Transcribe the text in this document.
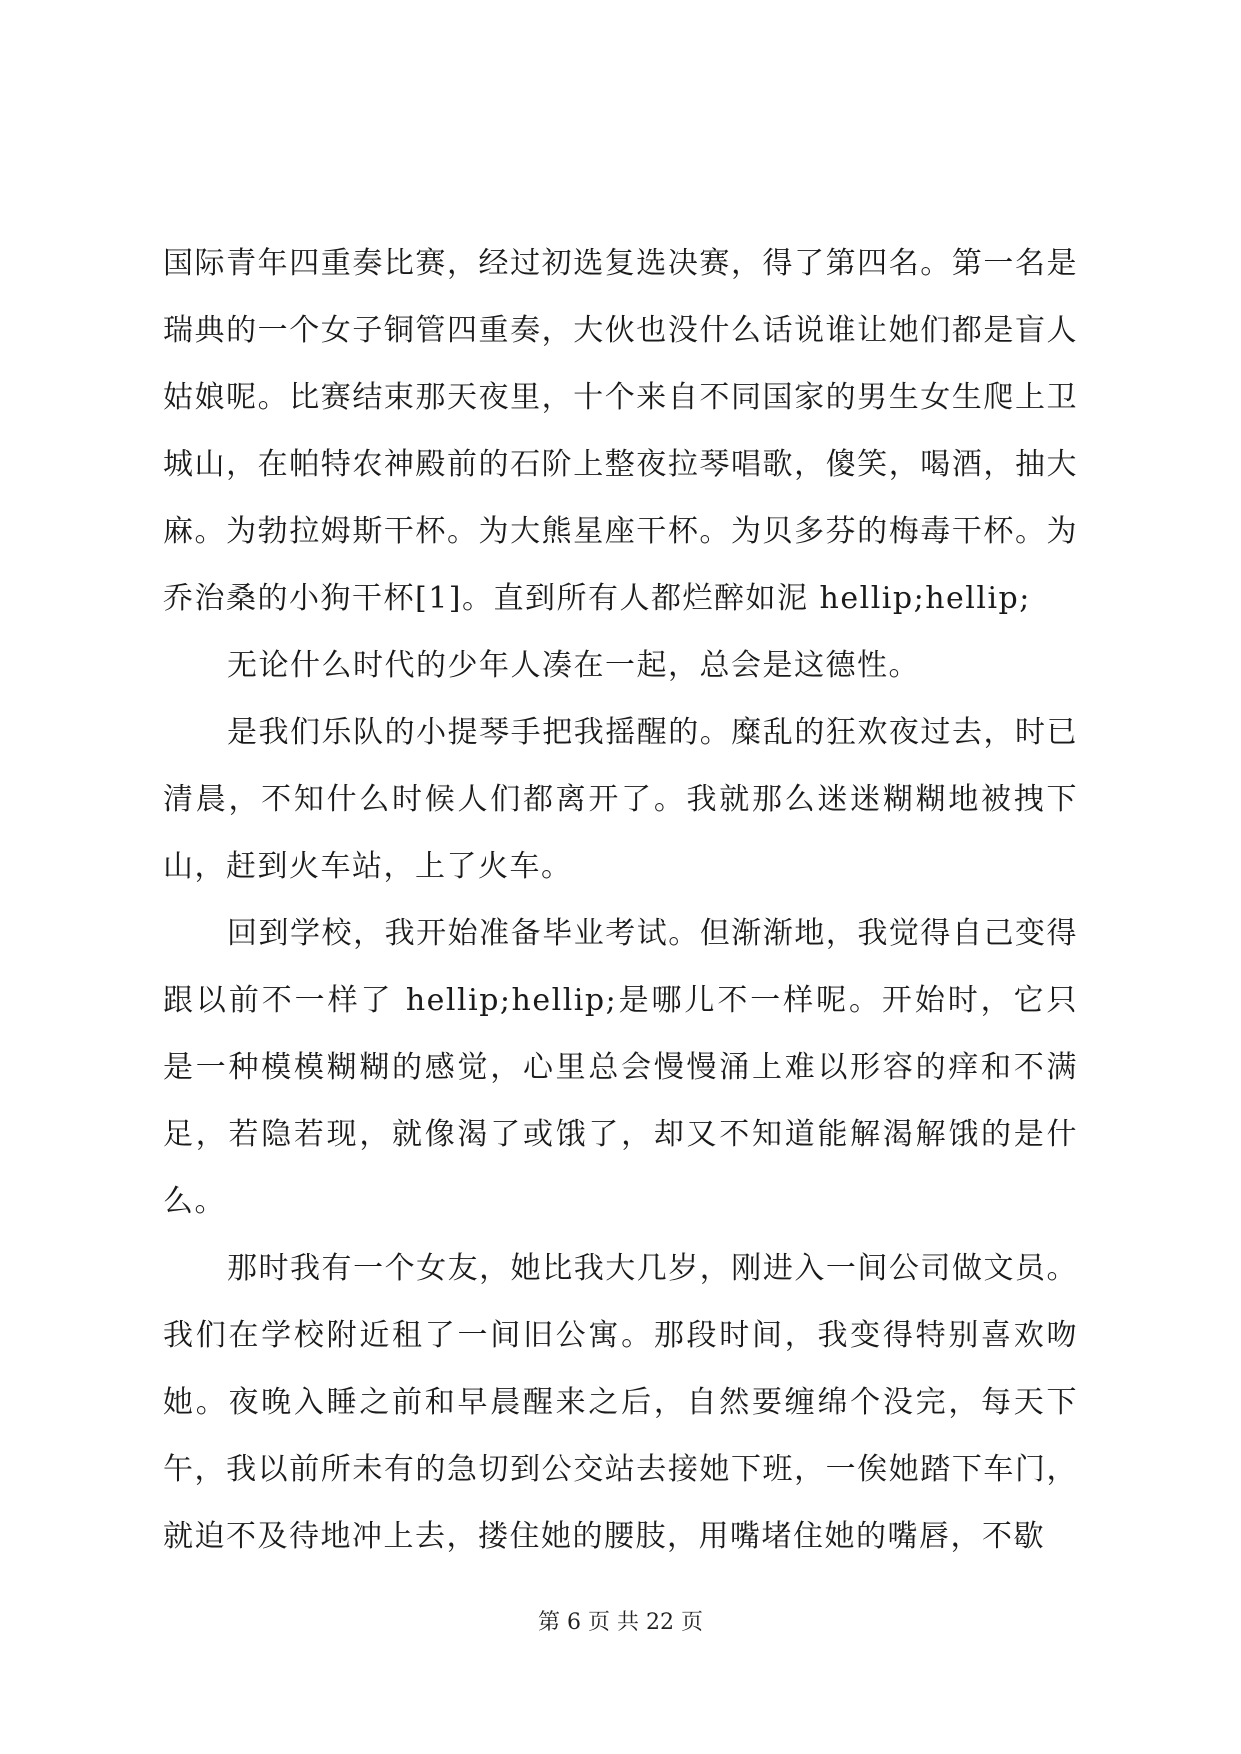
国际青年四重奏比赛，经过初选复选决赛，得了第四名。第一名是瑞典的一个女子铜管四重奏，大伙也没什么话说谁让她们都是盲人姑娘呢。比赛结束那天夜里，十个来自不同国家的男生女生爬上卫城山，在帕特农神殿前的石阶上整夜拉琴唱歌，傻笑，喝酒，抽大麻。为勃拉姆斯干杯。为大熊星座干杯。为贝多芬的梅毒干杯。为乔治桑的小狗干杯[1]。直到所有人都烂醉如泥 hellip;hellip;

无论什么时代的少年人凑在一起，总会是这德性。

是我们乐队的小提琴手把我摇醒的。糜乱的狂欢夜过去，时已清晨，不知什么时候人们都离开了。我就那么迷迷糊糊地被拽下山，赶到火车站，上了火车。

回到学校，我开始准备毕业考试。但渐渐地，我觉得自己变得跟以前不一样了 hellip;hellip;是哪儿不一样呢。开始时，它只是一种模模糊糊的感觉，心里总会慢慢涌上难以形容的痒和不满足，若隐若现，就像渴了或饿了，却又不知道能解渴解饿的是什么。

那时我有一个女友，她比我大几岁，刚进入一间公司做文员。我们在学校附近租了一间旧公寓。那段时间，我变得特别喜欢吻她。夜晚入睡之前和早晨醒来之后，自然要缠绵个没完，每天下午，我以前所未有的急切到公交站去接她下班，一俟她踏下车门，就迫不及待地冲上去，搂住她的腰肢，用嘴堵住她的嘴唇，不歇

第 6 页 共 22 页
